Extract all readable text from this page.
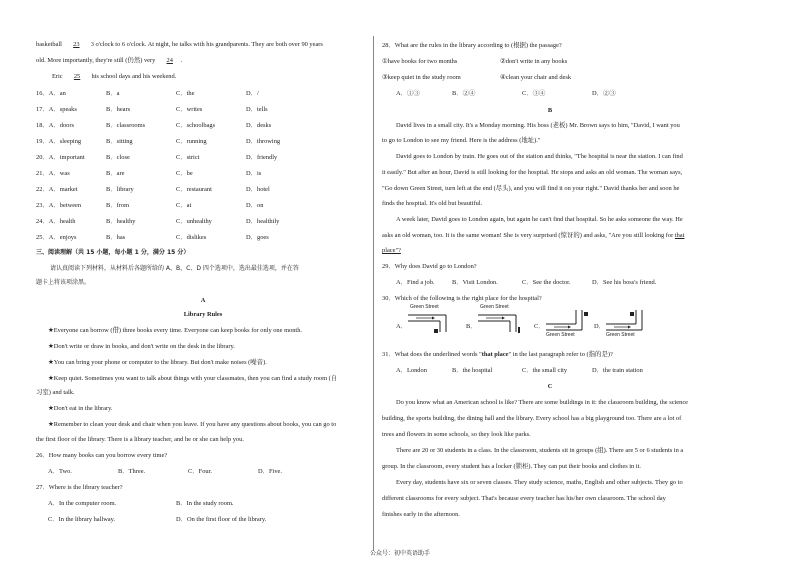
basketball 23 3 o'clock to 6 o'clock. At night, he talks with his grandparents. They are both over 90 years
old. More importantly, they're still (仍然) very 24 .
Eric 25 his school days and his weekend.
16．A．an	B．a	C．the	D．/
17．A．speaks	B．hears	C．writes	D．tells
18．A．doors	B．classrooms	C．schoolbags	D．desks
19．A．sleeping	B．sitting	C．running	D．throwing
20．A．important	B．close	C．strict	D．friendly
21．A．was	B．are	C．be	D．is
22．A．market	B．library	C．restaurant	D．hotel
23．A．between	B．from	C．at	D．on
24．A．health	B．healthy	C．unhealthy	D．healthily
25．A．enjoys	B．has	C．dislikes	D．goes
三、阅读理解（共 15 小题，每小题 1 分，满分 15 分）
请认真阅读下列材料，从材料后各题所给的 A、B、C、D 四个选项中，选出最佳选项，并在答
题卡上将该项涂黑。
A
Library Rules
★Everyone can borrow (借) three books every time. Everyone can keep books for only one month.
★Don't write or draw in books, and don't write on the desk in the library.
★You can bring your phone or computer to the library. But don't make noises (噪音).
★Keep quiet. Sometimes you want to talk about things with your classmates, then you can find a study room (自
习室) and talk.
★Don't eat in the library.
★Remember to clean your desk and chair when you leave. If you have any questions about books, you can go to
the first floor of the library. There is a library teacher, and he or she can help you.
26．How many books can you borrow every time?
A．Two.	B．Three.	C．Four.	D．Five.
27．Where is the library teacher?
A．In the computer room.	B．In the study room.
C．In the library hallway.	D．On the first floor of the library.
28．What are the rules in the library according to (根据) the passage?
①have books for two months	②don't write in any books
③keep quiet in the study room	④clean your chair and desk
A．①③	B．②④	C．③④	D．②③
B
David lives in a small city. It's a Monday morning. His boss (老板) Mr. Brown says to him, "David, I want you
to go to London to see my friend. Here is the address (地址)."
David goes to London by train. He goes out of the station and thinks, "The hospital is near the station. I can find
it easily." But after an hour, David is still looking for the hospital. He stops and asks an old woman. The woman says,
"Go down Green Street, turn left at the end (尽头), and you will find it on your right." David thanks her and soon he
finds the hospital. It's old but beautiful.
A week later, David goes to London again, but again he can't find that hospital. So he asks someone the way. He
asks an old woman, too. It is the same woman! She is very surprised (惊讶的) and asks, "Are you still looking for that
place"?
29．Why does David go to London?
A．Find a job.	B．Visit London.	C．See the doctor.	D．See his boss's friend.
30．Which of the following is the right place for the hospital?
A．
Green Street
B．
Green Street
C．
Green Street
D．
Green Street
31．What does the underlined words "that place" in the last paragraph refer to (指的是)?
A．London	B．the hospital	C．the small city	D．the train station
C
Do you know what an American school is like? There are some buildings in it: the classroom building, the science
building, the sports building, the dining hall and the library. Every school has a big playground too. There are a lot of
trees and flowers in some schools, so they look like parks.
There are 20 or 30 students in a class. In the classroom, students sit in groups (组). There are 5 or 6 students in a
group. In the classroom, every student has a locker (锁柜). They can put their books and clothes in it.
Every day, students have six or seven classes. They study science, maths, English and other subjects. They go to
different classrooms for every subject. That's because every teacher has his/her own classroom. The school day
finishes early in the afternoon.
公众号：初中英语助手
